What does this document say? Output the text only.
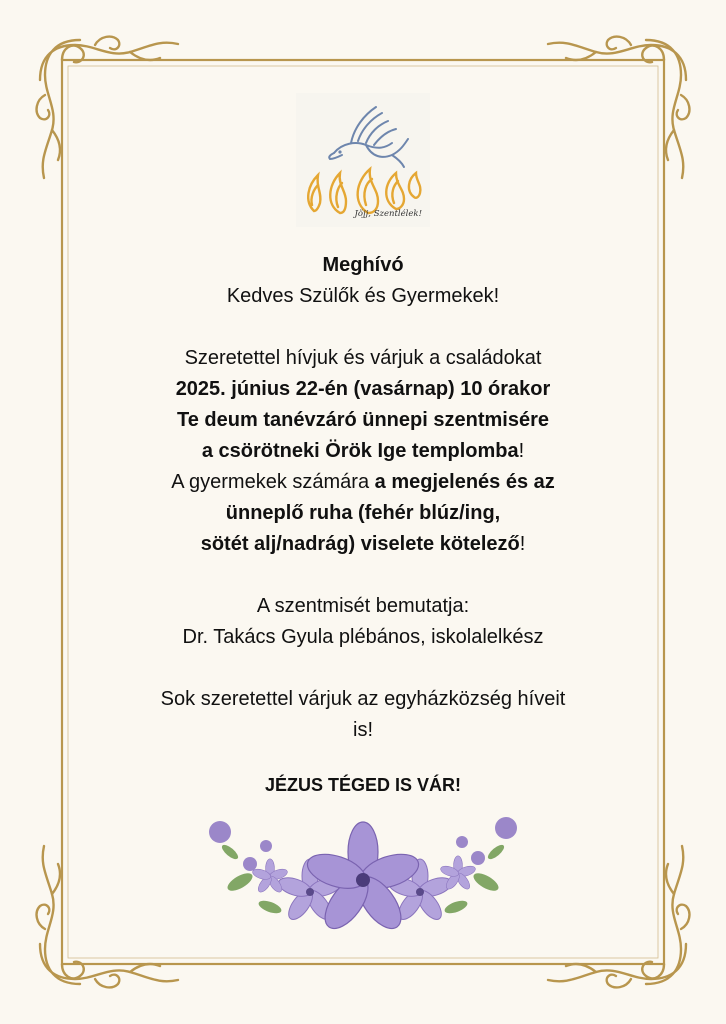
Jöjj, Szentlélek!

Meghívó

Kedves Szülők és Gyermekek!

Szeretettel hívjuk és várjuk a családokat

2025. június 22-én (vasárnap) 10 órakor

Te deum tanévzáró ünnepi szentmisére

a csörötneki Örök Ige templomba!

A gyermekek számára a megjelenés és az

ünneplő ruha (fehér blúz/ing,

sötét alj/nadrág) viselete kötelező!

A szentmisét bemutatja:

Dr. Takács Gyula plébános, iskolalelkész

Sok szeretettel várjuk az egyházközség híveit

is!

JÉZUS TÉGED IS VÁR!
